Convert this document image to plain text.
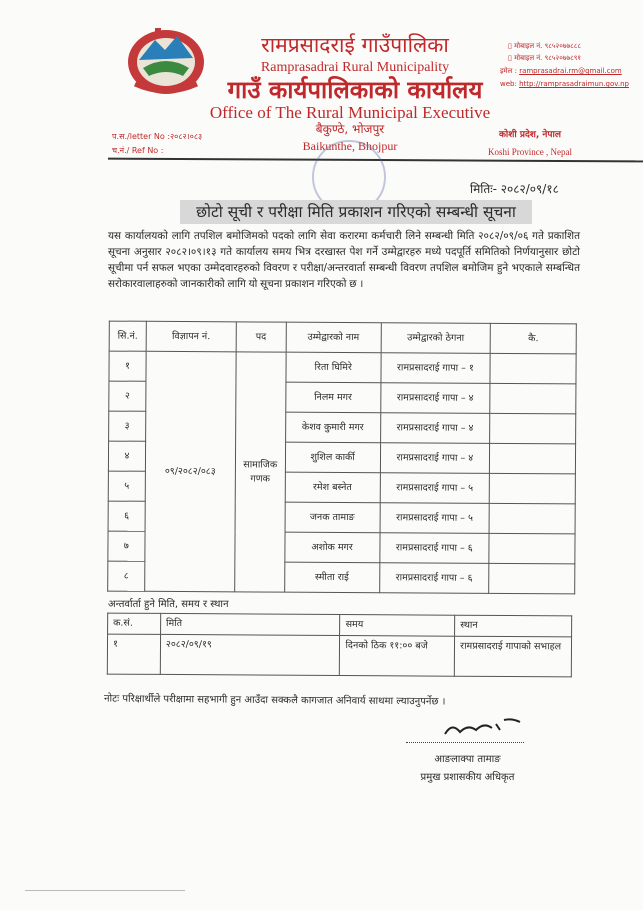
रामप्रसादराई गाउँपालिका
Ramprasadrai Rural Municipality
गाउँ कार्यपालिकाको कार्यालय
Office of The Rural Municipal Executive
बैकुण्ठे, भोजपुर
Baikunthe, Bhojpur
▯ मोबाइल नं. ९८५२०७७८८८
▯ मोबाइल नं. ९८५२०७७८९१
इमेल : ramprasadrai.rm@gmail.com
web: http://ramprasadraimun.gov.np
प.स./letter No :२०८२।०८३
च.नं./ Ref No :
कोशी प्रदेश, नेपाल
Koshi Province , Nepal
मितिः- २०८२/०९/१८
छोटो सूची र परीक्षा मिति प्रकाशन गरिएको सम्बन्धी सूचना
यस कार्यालयको लागि तपशिल बमोजिमको पदको लागि सेवा करारमा कर्मचारी लिने सम्बन्धी मिति २०८२/०९/०६ गते प्रकाशित सूचना अनुसार २०८२।०९।१३ गते कार्यालय समय भित्र दरखास्त पेश गर्ने उम्मेद्वारहरु मध्ये पदपूर्ति समितिको निर्णयानुसार छोटो सूचीमा पर्न सफल भएका उम्मेदवारहरुको विवरण र परीक्षा/अन्तरवार्ता सम्बन्धी विवरण तपशिल बमोजिम हुने भएकाले सम्बन्धित सरोकारवालाहरुको जानकारीको लागि यो सूचना प्रकाशन गरिएको छ ।
सि.नं.	विज्ञापन नं.	पद	उम्मेद्वारको नाम	उम्मेद्वारको ठेगना	कै.
१	०९/२०८२/०८३	सामाजिक गणक	रिता घिमिरे	रामप्रसादराई गापा – १	
२			निलम मगर	रामप्रसादराई गापा – ४	
३			केशव कुमारी मगर	रामप्रसादराई गापा – ४	
४			शुशिल कार्की	रामप्रसादराई गापा – ४	
५			रमेश बस्नेत	रामप्रसादराई गापा – ५	
६			जनक तामाङ	रामप्रसादराई गापा – ५	
७			अशोक मगर	रामप्रसादराई गापा – ६	
८			स्मीता राई	रामप्रसादराई गापा – ६	
अन्तर्वार्ता हुने मिति, समय र स्थान
क.सं.	मिति	समय	स्थान
१	२०८२/०९/१९	दिनको ठिक ११:०० बजे	रामप्रसादराई गापाको सभाहल
नोटः परिक्षार्थीले परीक्षामा सहभागी हुन आउँदा सक्कलै कागजात अनिवार्य साथमा ल्याउनुपर्नेछ ।
आङलाक्पा तामाङ
प्रमुख प्रशासकीय अधिकृत
